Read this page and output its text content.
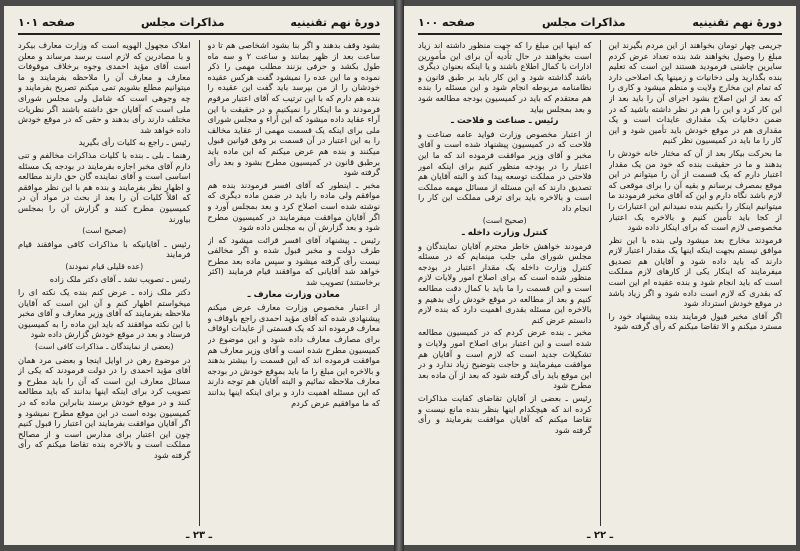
دورهٔ نهم تقنینیه
مذاکرات مجلس
صفحه ۱۰۱

بشود وقف بدهند و اگر بنا بشود اشخاصی هم تا دو ساعت بعد از ظهر بمانند و ساعت ۲ و سه ماه طول بکشد و حرفی بزنند مطلب مهمی را ذکر نموده و ما این عده را نمیشود گفت هرکس عقیده خودشان را از من بپرسد باید گفت این عقیده را بنده هم دارم که با این ترتیب که آقای اعتبار مرقوم فرمودند و ما اینکار را نمیکنیم و در حقیقت با این آراء عقاید داده میشود که این آراء و مجلس شورای ملی برای اینکه یک قسمت مهمی از عقاید مخالف را به این اعتبار در آن قسمت بر وفق قوانین قبول میکنند و بنده هم عرض میکنم که این ماده باید برطبق قانون در کمیسیون مطرح بشود و بعد رأی گرفته شود

مخبر ـ اینطور که آقای افسر فرمودند بنده هم موافقم ولی ماده را باید در ضمن ماده دیگری که نوشته شده است اصلاح کرد و بعد بمجلس آورد و اگر آقایان موافقت میفرمایند در کمیسیون مطرح شود و بعد گزارش آن به مجلس داده شود

رئیس ـ پیشنهاد آقای افسر قرائت میشود که از طرف دولت و مخبر قبول شده و اگر مخالفی نیست رأی گرفته میشود و سپس ماده بعد مطرح خواهد شد آقایانی که موافقند قیام فرمایند (اکثر برخاستند) تصویب شد

معادن وزارت معارف ـ

از اعتبار مخصوص وزارت معارف عرض میکنم پیشنهادی شده که آقای مؤید احمدی راجع باوقاف و معارف فرموده اند که یک قسمتی از عایدات اوقاف برای مصارف معارف داده شود و این موضوع در کمیسیون مطرح شده است و آقای وزیر معارف هم موافقت فرموده اند که این قسمت را بیشتر بدهند و بالاخره این مبلغ را ما باید بموقع خودش در بودجه معارف ملاحظه نمائیم و البته آقایان هم توجه دارند که این مسئله اهمیت دارد و برای اینکه اینها بدانند که ما موافقیم عرض کردم

املاک مجهول الهویه است که وزارت معارف بیکرد و با مصادرین که لازم است برسد مرساند و معلن است آقای مؤید احمدی وجوه برخلاف موقوفات معارف و معارف آن را ملاحظه بفرمایند و ما میتوانیم مطلع بشویم تمی میکنم تصریح بفرمایند و چه وجوهی است که شامل ولی مجلس شورای ملی است که آقایان حق داشته باشند اگر نظریات مختلف دارند رأی بدهند و حقی که در موقع خودش داده خواهد شد

رئیس ـ راجع به کلیات رأی بگیرید

رهنما ـ بلی ـ بنده با کلیات مذاکرات مخالفم و تنی دارم آقای مخبر اجازه بفرمایند در بودجه یک مسئله اساسی است و آقای نماینده گان حق دارند مطالعه و اظهار نظر بفرمایند و بنده هم با این نظر موافقم که اقلاً کلیات آن را بعد از بحث در مواد آن در کمیسیون مطرح کنند و گزارش آن را بمجلس بیاورند

(صحیح است)

رئیس ـ آقایانیکه با مذاکرات کافی موافقند قیام فرمایند

(عده قلیلی قیام نمودند)

رئیس ـ تصویب نشد ـ آقای دکتر ملک زاده

دکتر ملک زاده ـ عرض کنم بنده یک نکته ای را میخواستم اظهار کنم و آن این است که آقایان ملاحظه بفرمایند که آقای وزیر معارف و آقای مخبر با این نکته موافقند که باید این ماده را به کمیسیون فرستاد و بعد در موقع خودش گزارش داده شود

(بعضی از نمایندگان ـ مذاکرات کافی است)

در موضوع رهن در اوایل اینجا و بعضی مرد همان آقای مؤید احمدی را در دولت فرمودند که یکی از مسائل معارف این است که آن را باید مطرح و تصویب کرد برای اینکه اینها بدانند که باید مطالعه کنند و در موقع خودش برسند بنابراین ماده که در کمیسیون بوده است در این موقع مطرح نمیشود و اگر آقایان موافقت بفرمایند این اعتبار را قبول کنیم چون این اعتبار برای مدارس است و از مصالح مملکت است و بالاخره بنده تقاضا میکنم که رأی گرفته شود

ـ ۲۳ ـ
دورهٔ نهم تقنینیه
مذاکرات مجلس
صفحه ۱۰۰

جریمی چهار تومان بخواهند از این مردم بگیرند این مبلغ را وصول بخواهند شد بنده تعداد عرض کردم سایرین چاشنی فرمودید هستند این است که تعلیم بنده بگذارید ولی دخانیات و زمینها یک اصلاحی دارد که تمام این مخارج ولایت و منظم میشود و کاری را که بعد از این اصلاح بشود اجرای آن را باید بعد از این کار کرد و این را هم در نظر داشته باشید که در ضمن دخانیات یک مقداری عایدات است و یک مقداری هم در موقع خودش باید تأمین شود و این کار را ما باید در کمیسیون نظر کنیم

ما بحرکت بیکار بعد از آن که مختار خانه خودش را بدهند و ما در حقیقت بنده که خود من یک مقدار اعتبار دارم که یک قسمت از آن را میتوانم در این موقع بمصرف برسانم و بقیه آن را برای موقعی که لازم باشد نگاه دارم و این که آقای مخبر فرمودند ما میتوانیم اینکار را بکنیم بنده نمیدانم این اعتبارات را از کجا باید تأمین کنیم و بالاخره یک اعتبار مخصوصی لازم است که برای اینکار داده شود

فرمودند مخارج بعد میشود ولی بنده با این نظر موافق نیستم بجهت اینکه اینها یک مقدار اعتبار لازم دارند که باید داده شود و آقایان هم تصدیق میفرمایند که اینکار یکی از کارهای لازم مملکت است که باید انجام شود و بنده عقیده ام این است که بقدری که لازم است داده شود و اگر زیاد باشد در موقع خودش استرداد شود

اگر آقای مخبر قبول فرمایند بنده پیشنهاد خود را مسترد میکنم و الا تقاضا میکنم که رأی گرفته شود

که اینها این مبلغ را که جهت منظور داشته اند زیاد است بخواهند در حال تأدیه آن برای این مأمورین ادارات با کمال اطلاع باشند و یا اینکه بعنوان دیگری باشد گذاشته شود و این کار باید بر طبق قانون و نظامنامه مربوطه انجام شود و این مسئله را بنده هم معتقدم که باید در کمیسیون بودجه مطالعه شود و بعد بمجلس بیاید

رئیس ـ صناعت و فلاحت ـ

از اعتبار مخصوص وزارت فواید عامه صناعت و فلاحت که در کمیسیون پیشنهاد شده است و آقای مخبر و آقای وزیر موافقت فرموده اند که ما این اعتبار را در بودجه منظور کنیم برای اینکه امور فلاحتی در مملکت توسعه پیدا کند و البته آقایان هم تصدیق دارند که این مسئله از مسائل مهمه مملکت است و بالاخره باید برای ترقی مملکت این کار را انجام داد

(صحیح است)

کنترل وزارت داخله ـ

فرمودند خواهش خاطر محترم آقایان نمایندگان و مجلس شورای ملی جلب مینمایم که در مسئله کنترل وزارت داخله یک مقدار اعتبار در بودجه منظور شده است که برای اصلاح امور ولایات لازم است و این قسمت را ما باید با کمال دقت مطالعه کنیم و بعد از مطالعه در موقع خودش رأی بدهیم و بالاخره این مسئله بقدری اهمیت دارد که بنده لازم دانستم عرض کنم

مخبر ـ بنده عرض کردم که در کمیسیون مطالعه شده است و این اعتبار برای اصلاح امور ولایات و تشکیلات جدید است که لازم است و آقایان هم موافقت میفرمایند و حاجت بتوضیح زیاد ندارد و در این موقع باید رأی گرفته شود که بعد از آن ماده بعد مطرح شود

رئیس ـ بعضی از آقایان تقاضای کفایت مذاکرات کرده اند که هیچکدام اینها بنظر بنده مانع نیست و تقاضا میکنم که آقایان موافقت بفرمایند و رأی گرفته شود

ـ ۲۲ ـ
